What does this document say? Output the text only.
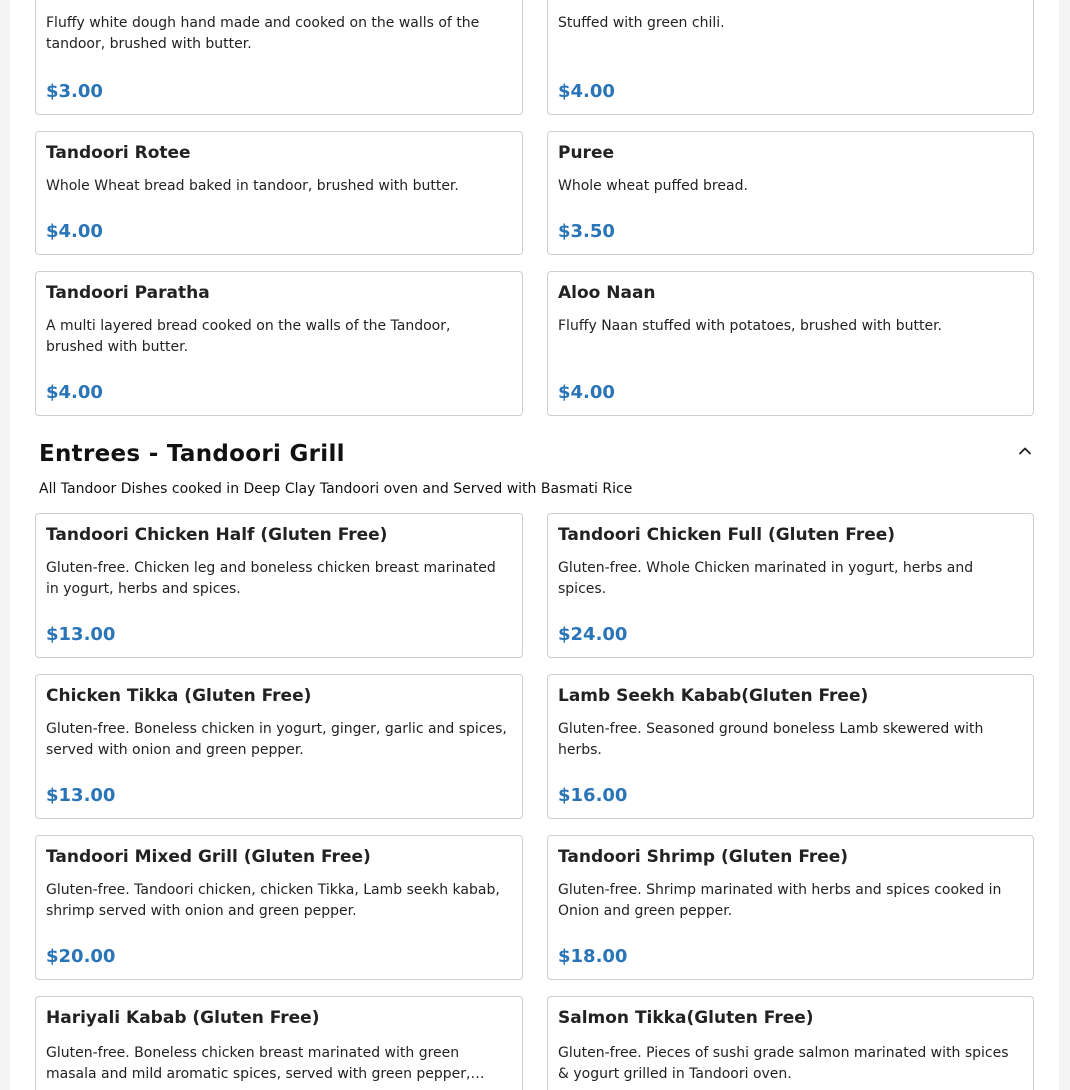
Fluffy white dough hand made and cooked on the walls of the tandoor, brushed with butter.
$3.00
Stuffed with green chili.
$4.00
Tandoori Rotee
Whole Wheat bread baked in tandoor, brushed with butter.
$4.00
Puree
Whole wheat puffed bread.
$3.50
Tandoori Paratha
A multi layered bread cooked on the walls of the Tandoor, brushed with butter.
$4.00
Aloo Naan
Fluffy Naan stuffed with potatoes, brushed with butter.
$4.00
Entrees - Tandoori Grill
All Tandoor Dishes cooked in Deep Clay Tandoori oven and Served with Basmati Rice
Tandoori Chicken Half (Gluten Free)
Gluten-free. Chicken leg and boneless chicken breast marinated in yogurt, herbs and spices.
$13.00
Tandoori Chicken Full (Gluten Free)
Gluten-free. Whole Chicken marinated in yogurt, herbs and spices.
$24.00
Chicken Tikka (Gluten Free)
Gluten-free. Boneless chicken in yogurt, ginger, garlic and spices, served with onion and green pepper.
$13.00
Lamb Seekh Kabab(Gluten Free)
Gluten-free. Seasoned ground boneless Lamb skewered with herbs.
$16.00
Tandoori Mixed Grill (Gluten Free)
Gluten-free. Tandoori chicken, chicken Tikka, Lamb seekh kabab, shrimp served with onion and green pepper.
$20.00
Tandoori Shrimp (Gluten Free)
Gluten-free. Shrimp marinated with herbs and spices cooked in Onion and green pepper.
$18.00
Hariyali Kabab (Gluten Free)
Gluten-free. Boneless chicken breast marinated with green masala and mild aromatic spices, served with green pepper,…
Salmon Tikka(Gluten Free)
Gluten-free. Pieces of sushi grade salmon marinated with spices & yogurt grilled in Tandoori oven.
